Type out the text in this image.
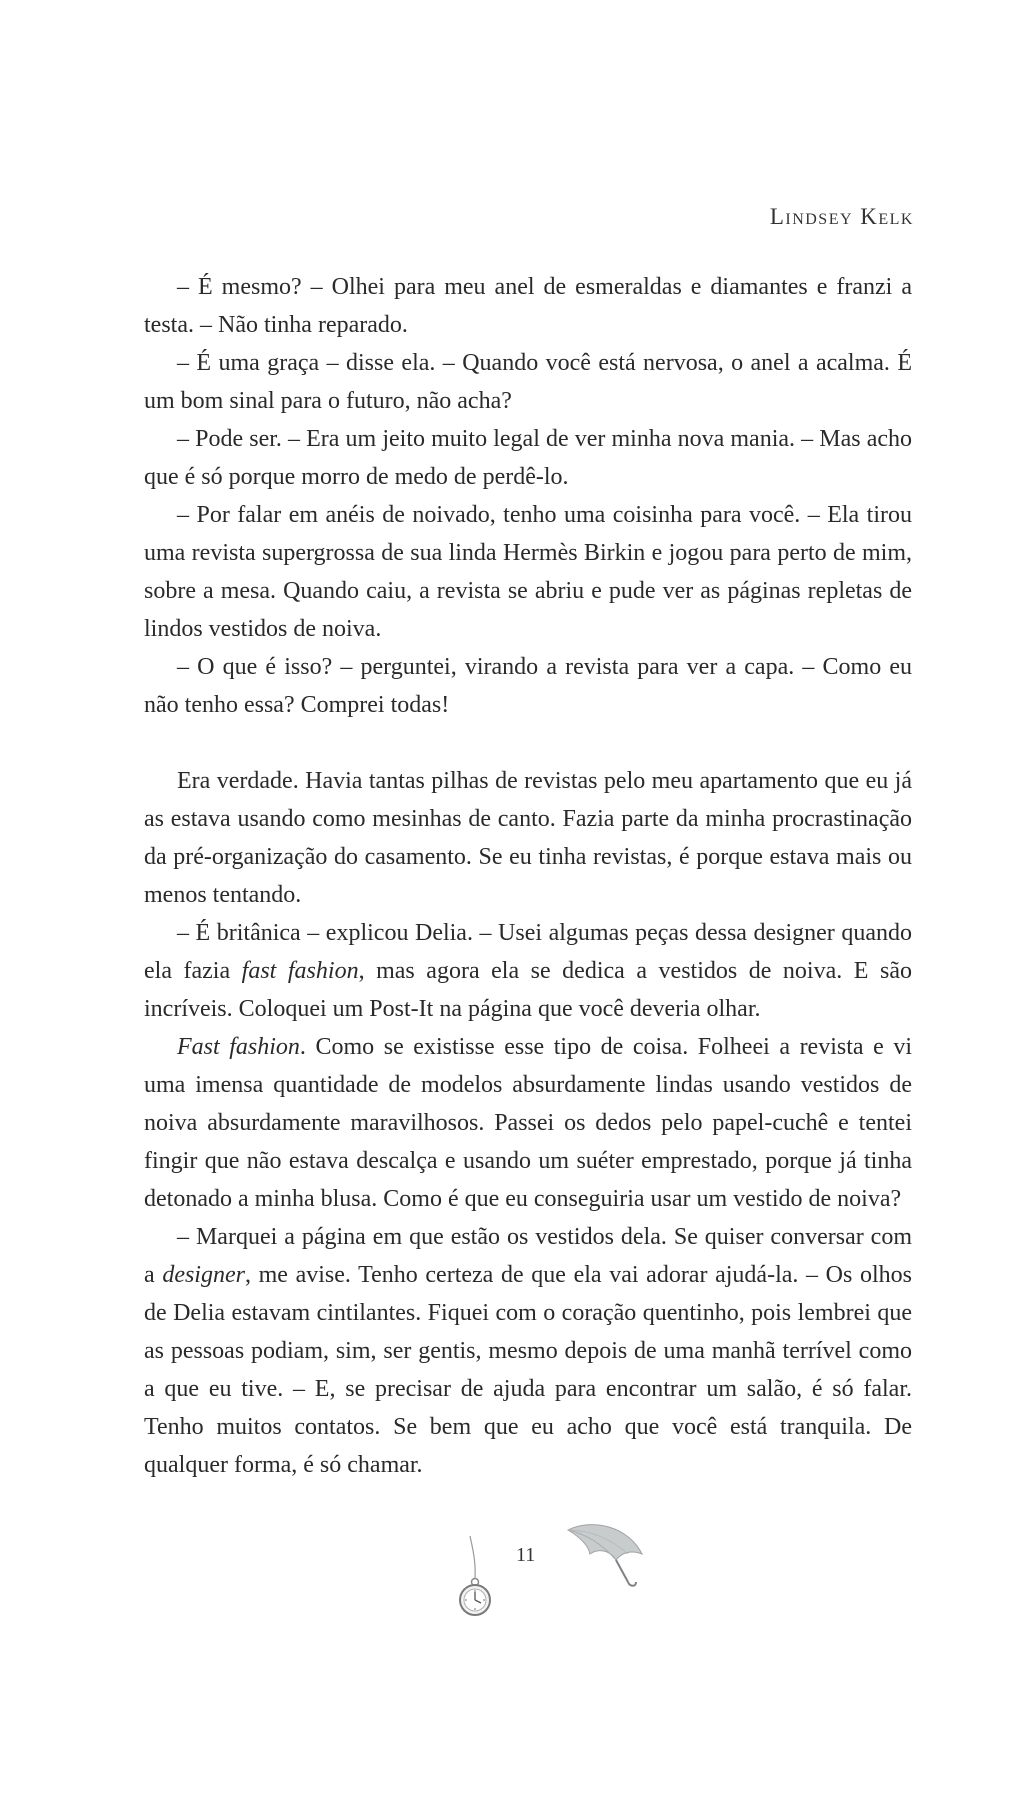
Lindsey Kelk

– É mesmo? – Olhei para meu anel de esmeraldas e diamantes e franzi a testa. – Não tinha reparado.

– É uma graça – disse ela. – Quando você está nervosa, o anel a acalma. É um bom sinal para o futuro, não acha?

– Pode ser. – Era um jeito muito legal de ver minha nova mania. – Mas acho que é só porque morro de medo de perdê-lo.

– Por falar em anéis de noivado, tenho uma coisinha para você. – Ela tirou uma revista supergrossa de sua linda Hermès Birkin e jogou para perto de mim, sobre a mesa. Quando caiu, a revista se abriu e pude ver as páginas repletas de lindos vestidos de noiva.

– O que é isso? – perguntei, virando a revista para ver a capa. – Como eu não tenho essa? Comprei todas!

Era verdade. Havia tantas pilhas de revistas pelo meu apartamento que eu já as estava usando como mesinhas de canto. Fazia parte da minha procrastinação da pré-organização do casamento. Se eu tinha revistas, é porque estava mais ou menos tentando.

– É britânica – explicou Delia. – Usei algumas peças dessa designer quando ela fazia fast fashion, mas agora ela se dedica a vestidos de noiva. E são incríveis. Coloquei um Post-It na página que você deveria olhar.

Fast fashion. Como se existisse esse tipo de coisa. Folheei a revista e vi uma imensa quantidade de modelos absurdamente lindas usando vestidos de noiva absurdamente maravilhosos. Passei os dedos pelo papel-cuchê e tentei fingir que não estava descalça e usando um suéter emprestado, porque já tinha detonado a minha blusa. Como é que eu conseguiria usar um vestido de noiva?

– Marquei a página em que estão os vestidos dela. Se quiser conversar com a designer, me avise. Tenho certeza de que ela vai adorar ajudá-la. – Os olhos de Delia estavam cintilantes. Fiquei com o coração quentinho, pois lembrei que as pessoas podiam, sim, ser gentis, mesmo depois de uma manhã terrível como a que eu tive. – E, se precisar de ajuda para encontrar um salão, é só falar. Tenho muitos contatos. Se bem que eu acho que você está tranquila. De qualquer forma, é só chamar.

11
